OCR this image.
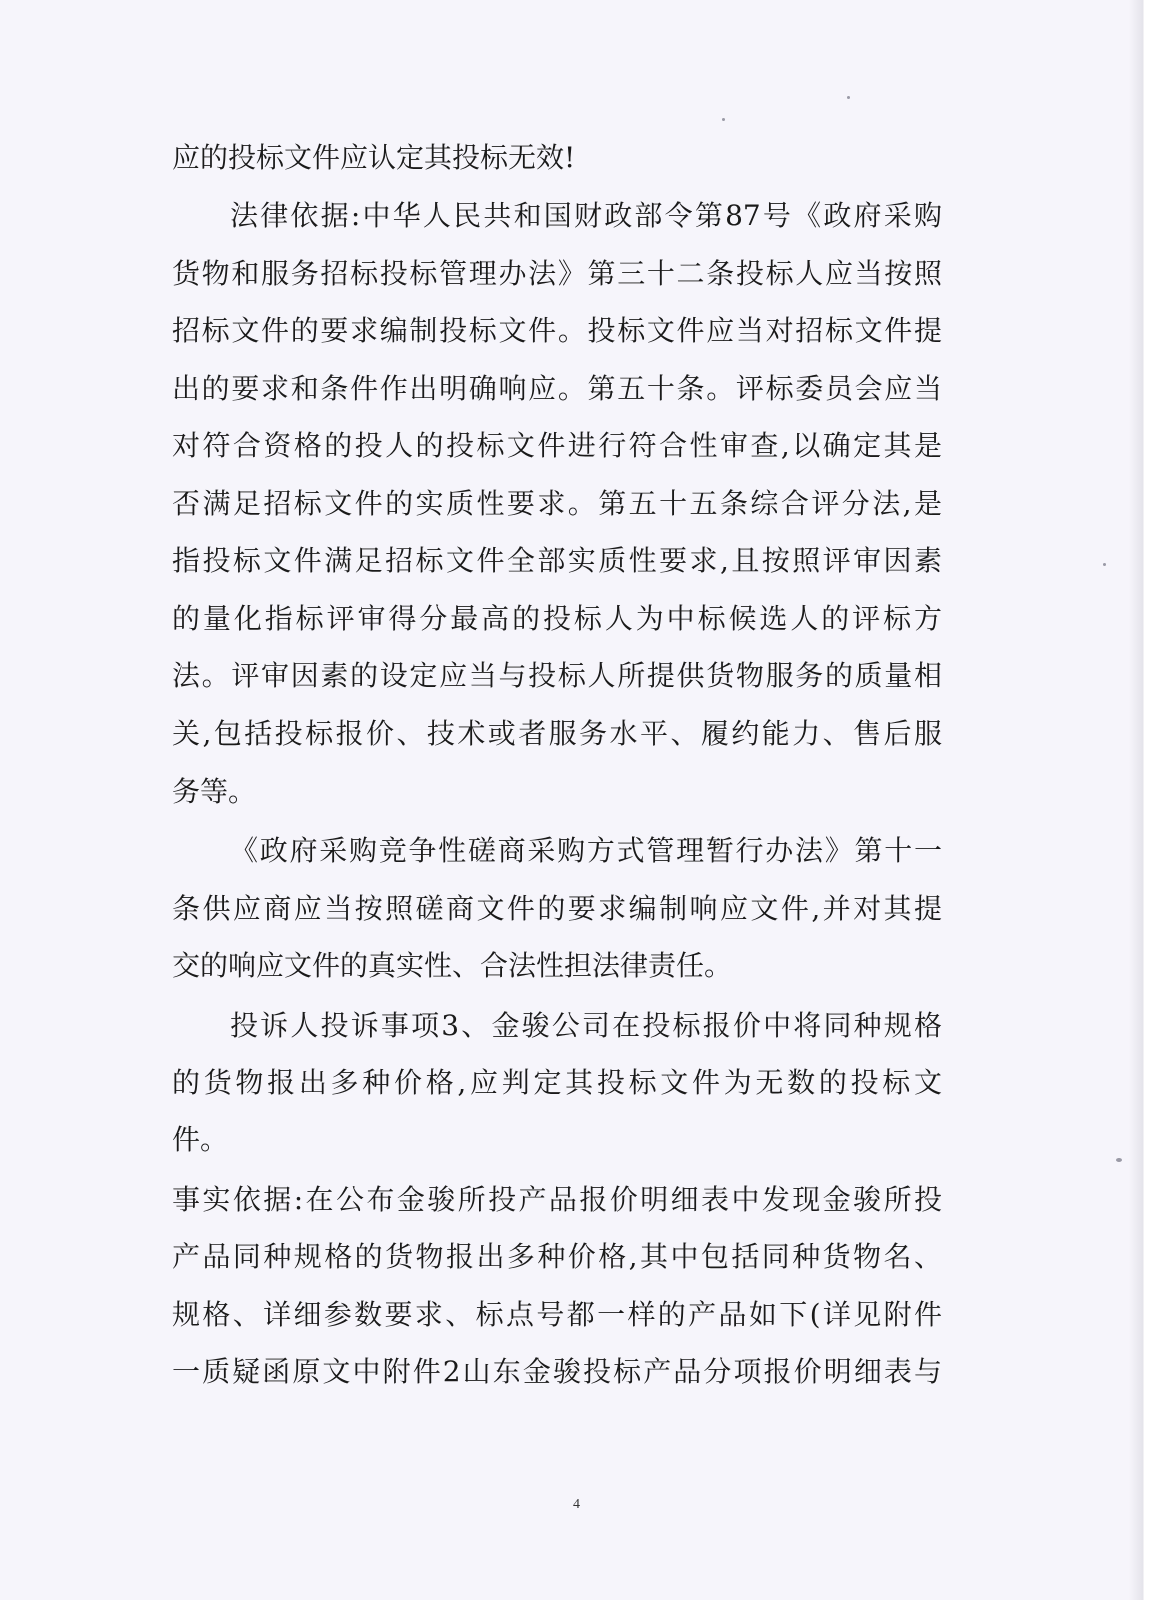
应的投标文件应认定其投标无效!
法律依据:中华人民共和国财政部令第87号《政府采购
货物和服务招标投标管理办法》第三十二条投标人应当按照
招标文件的要求编制投标文件。投标文件应当对招标文件提
出的要求和条件作出明确响应。第五十条。评标委员会应当
对符合资格的投人的投标文件进行符合性审查,以确定其是
否满足招标文件的实质性要求。第五十五条综合评分法,是
指投标文件满足招标文件全部实质性要求,且按照评审因素
的量化指标评审得分最高的投标人为中标候选人的评标方
法。评审因素的设定应当与投标人所提供货物服务的质量相
关,包括投标报价、技术或者服务水平、履约能力、售后服
务等。
《政府采购竞争性磋商采购方式管理暂行办法》第十一
条供应商应当按照磋商文件的要求编制响应文件,并对其提
交的响应文件的真实性、合法性担法律责任。
投诉人投诉事项3、金骏公司在投标报价中将同种规格
的货物报出多种价格,应判定其投标文件为无数的投标文
件。
事实依据:在公布金骏所投产品报价明细表中发现金骏所投
产品同种规格的货物报出多种价格,其中包括同种货物名、
规格、详细参数要求、标点号都一样的产品如下(详见附件
一质疑函原文中附件2山东金骏投标产品分项报价明细表与
4
